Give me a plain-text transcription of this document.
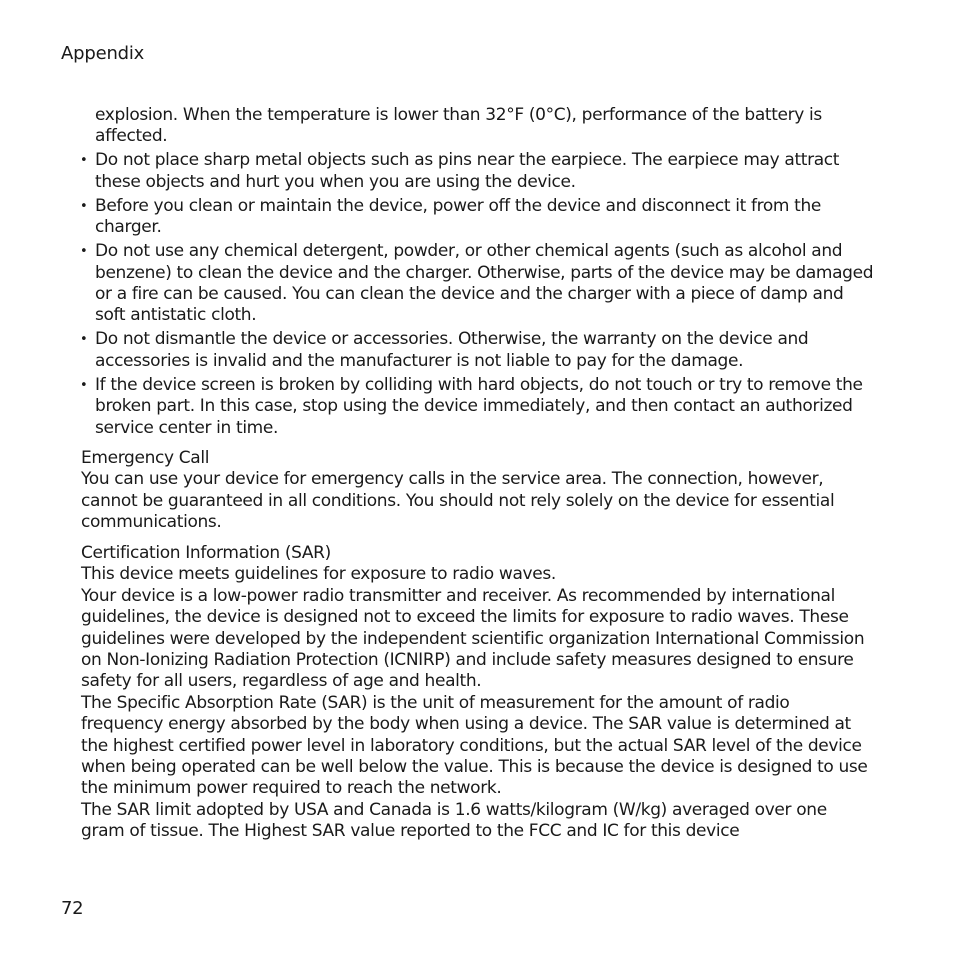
Appendix
explosion. When the temperature is lower than 32°F (0°C), performance of the battery is affected.
• Do not place sharp metal objects such as pins near the earpiece. The earpiece may attract these objects and hurt you when you are using the device.
• Before you clean or maintain the device, power off the device and disconnect it from the charger.
• Do not use any chemical detergent, powder, or other chemical agents (such as alcohol and benzene) to clean the device and the charger. Otherwise, parts of the device may be damaged or a fire can be caused. You can clean the device and the charger with a piece of damp and soft antistatic cloth.
• Do not dismantle the device or accessories. Otherwise, the warranty on the device and accessories is invalid and the manufacturer is not liable to pay for the damage.
• If the device screen is broken by colliding with hard objects, do not touch or try to remove the broken part. In this case, stop using the device immediately, and then contact an authorized service center in time.
Emergency Call

You can use your device for emergency calls in the service area. The connection, however, cannot be guaranteed in all conditions. You should not rely solely on the device for essential communications.

Certification Information (SAR)

This device meets guidelines for exposure to radio waves.

Your device is a low-power radio transmitter and receiver. As recommended by international guidelines, the device is designed not to exceed the limits for exposure to radio waves. These guidelines were developed by the independent scientific organization International Commission on Non-Ionizing Radiation Protection (ICNIRP) and include safety measures designed to ensure safety for all users, regardless of age and health.

The Specific Absorption Rate (SAR) is the unit of measurement for the amount of radio frequency energy absorbed by the body when using a device. The SAR value is determined at the highest certified power level in laboratory conditions, but the actual SAR level of the device when being operated can be well below the value. This is because the device is designed to use the minimum power required to reach the network.

The SAR limit adopted by USA and Canada is 1.6 watts/kilogram (W/kg) averaged over one gram of tissue. The Highest SAR value reported to the FCC and IC for this device

72
